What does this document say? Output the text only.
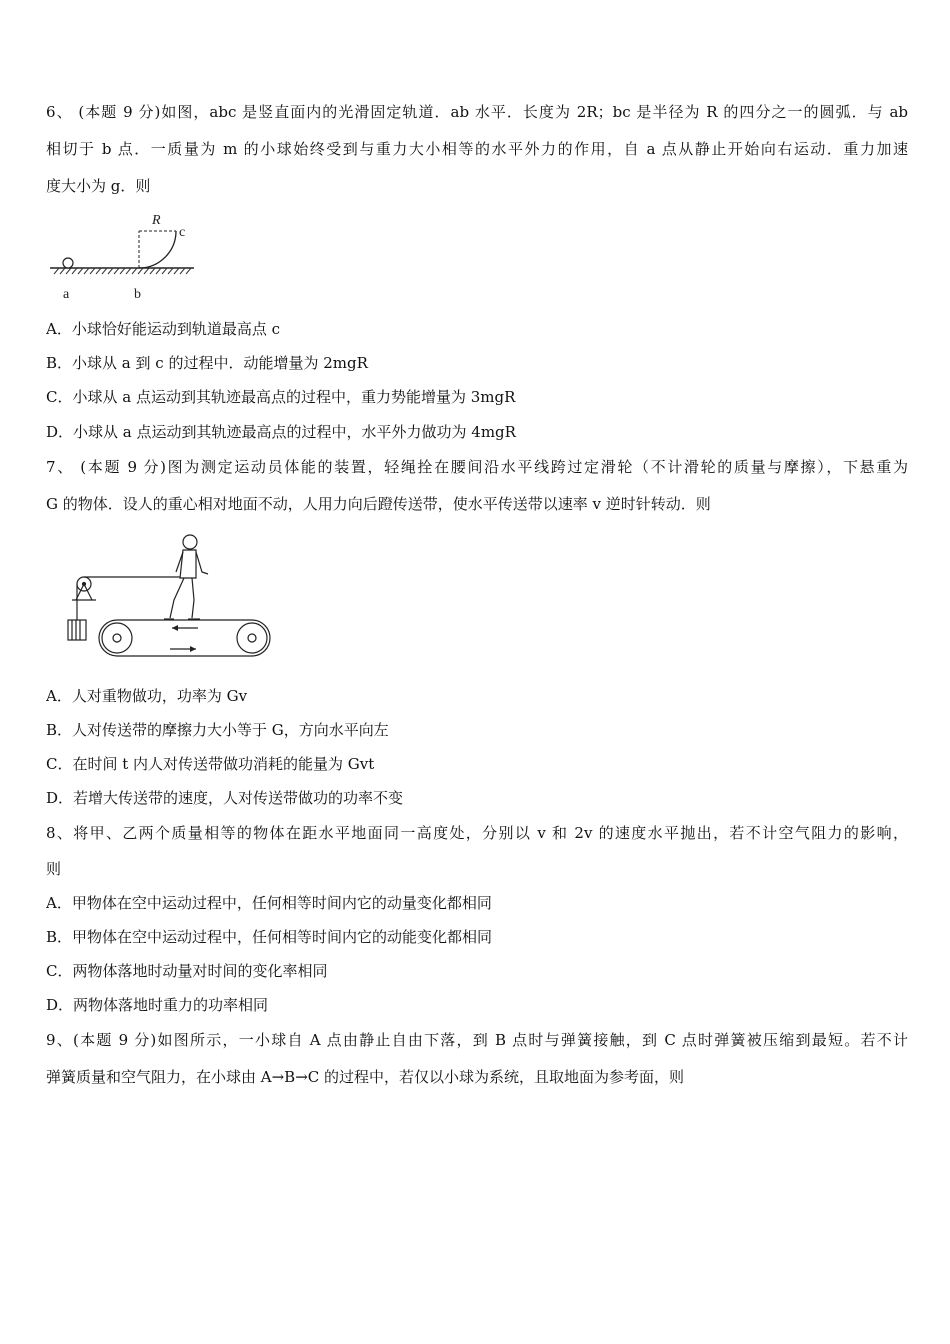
6、 (本题 9 分)如图，abc 是竖直面内的光滑固定轨道．ab 水平．长度为 2R；bc 是半径为 R 的四分之一的圆弧．与 ab
相切于 b 点．一质量为 m 的小球始终受到与重力大小相等的水平外力的作用，自 a 点从静止开始向右运动．重力加速
度大小为 g．则
R
c
a	b
A．小球恰好能运动到轨道最高点 c
B．小球从 a 到 c 的过程中．动能增量为 2mgR
C．小球从 a 点运动到其轨迹最高点的过程中，重力势能增量为 3mgR
D．小球从 a 点运动到其轨迹最高点的过程中，水平外力做功为 4mgR
7、 (本题 9 分)图为测定运动员体能的装置，轻绳拴在腰间沿水平线跨过定滑轮（不计滑轮的质量与摩擦），下悬重为
G 的物体．设人的重心相对地面不动，人用力向后蹬传送带，使水平传送带以速率 v 逆时针转动．则
A．人对重物做功，功率为 Gv
B．人对传送带的摩擦力大小等于 G，方向水平向左
C．在时间 t 内人对传送带做功消耗的能量为 Gvt
D．若增大传送带的速度，人对传送带做功的功率不变
8、将甲、乙两个质量相等的物体在距水平地面同一高度处，分别以 v 和 2v 的速度水平抛出，若不计空气阻力的影响，
则
A．甲物体在空中运动过程中，任何相等时间内它的动量变化都相同
B．甲物体在空中运动过程中，任何相等时间内它的动能变化都相同
C．两物体落地时动量对时间的变化率相同
D．两物体落地时重力的功率相同
9、(本题 9 分)如图所示，一小球自 A 点由静止自由下落，到 B 点时与弹簧接触，到 C 点时弹簧被压缩到最短。若不计
弹簧质量和空气阻力，在小球由 A→B→C 的过程中，若仅以小球为系统，且取地面为参考面，则
